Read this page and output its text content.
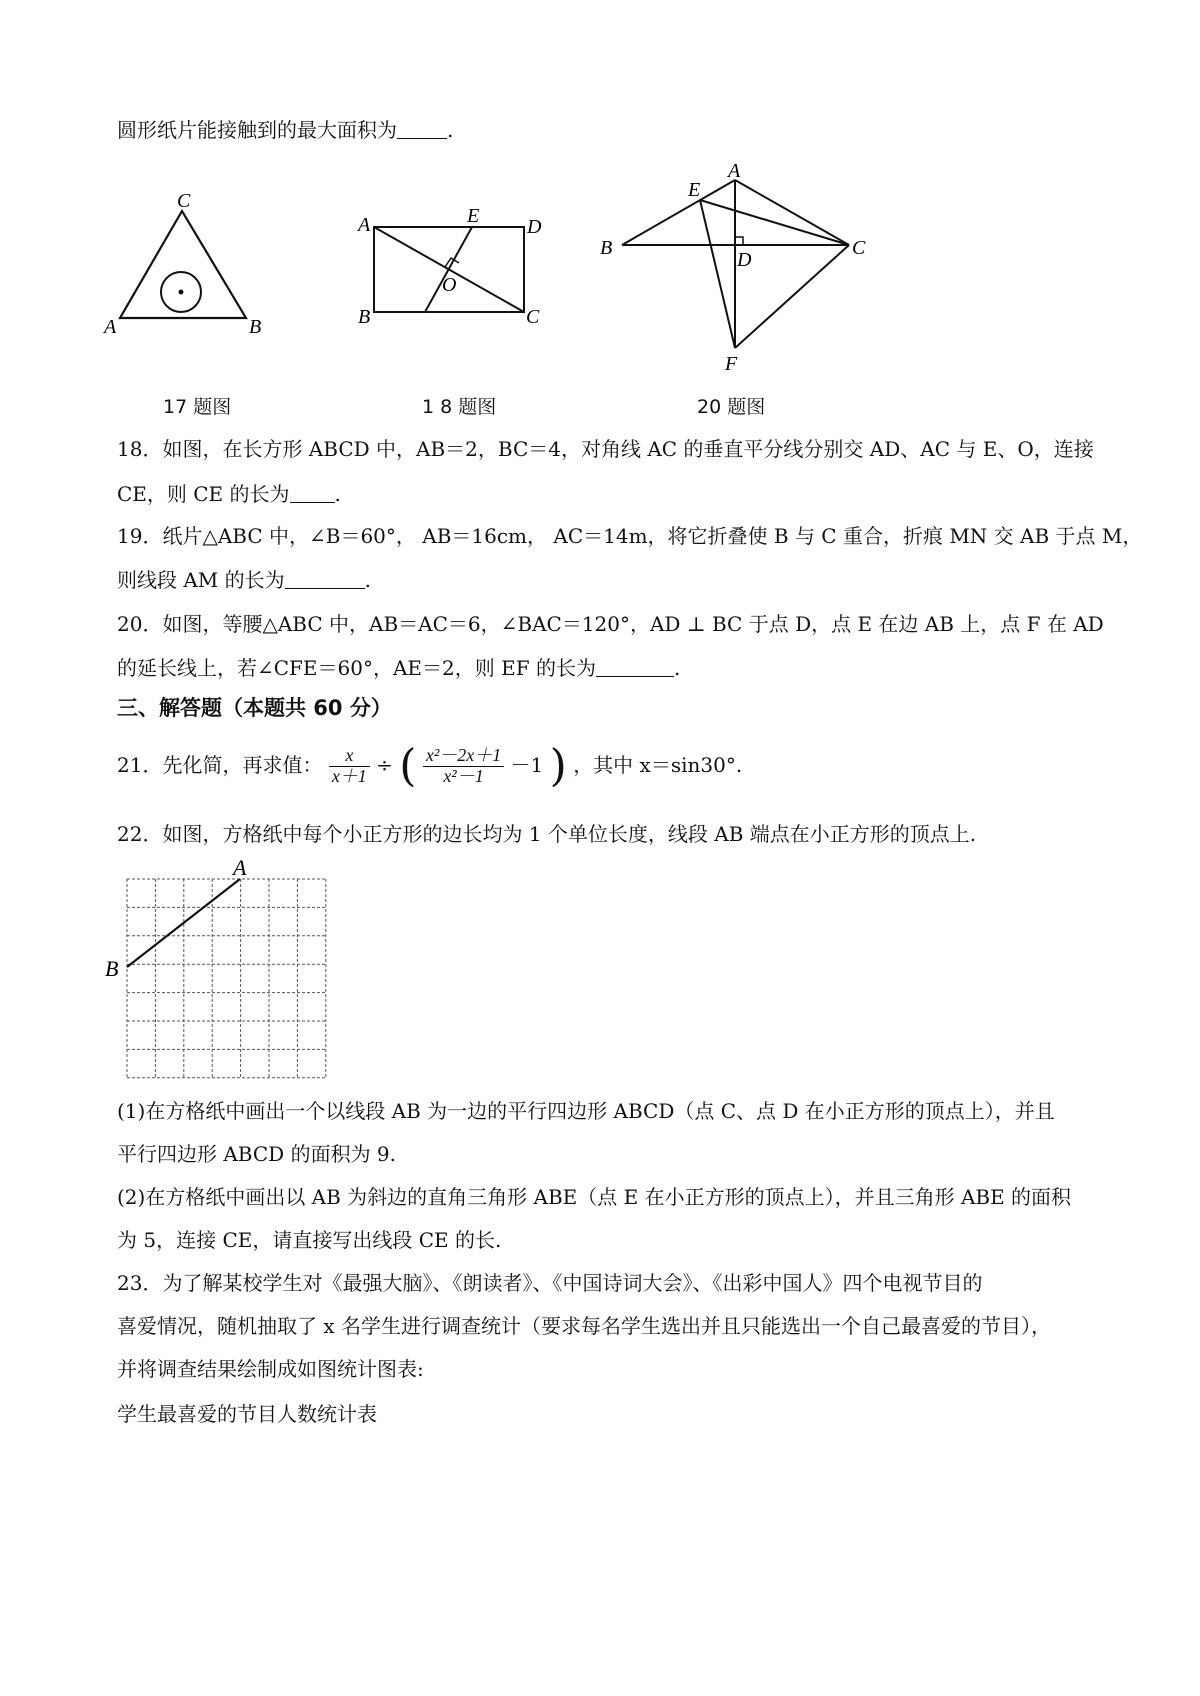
圆形纸片能接触到的最大面积为	.
C
A	B
A	E D
O
B	C
A
E
B
D
C
F
17 题图	1 8 题图	20 题图
18．如图，在长方形 ABCD 中，AB＝2，BC＝4，对角线 AC 的垂直平分线分别交 AD、AC 与 E、O，连接
CE，则 CE 的长为 .
19．纸片△ABC 中，∠B＝60°， AB＝16cm， AC＝14m，将它折叠使 B 与 C 重合，折痕 MN 交 AB 于点 M，
则线段 AM 的长为	.
20．如图，等腰△ABC 中，AB＝AC＝6，∠BAC＝120°，AD ⊥ BC 于点 D，点 E 在边 AB 上，点 F 在 AD
的延长线上，若∠CFE＝60°，AE＝2，则 EF 的长为	.
三、解答题（本题共 60 分）
21．先化简，再求值： $\frac{x}{x+1}$ ÷ ( $\frac{\text{x²－2x＋1}}{\text{x²－1}} -1$ ) ，其中 x＝sin30°.
22．如图，方格纸中每个小正方形的边长均为 1 个单位长度，线段 AB 端点在小正方形的顶点上.
A
B
(1)在方格纸中画出一个以线段 AB 为一边的平行四边形 ABCD（点 C、点 D 在小正方形的顶点上），并且
平行四边形 ABCD 的面积为 9.
(2)在方格纸中画出以 AB 为斜边的直角三角形 ABE（点 E 在小正方形的顶点上），并且三角形 ABE 的面积
为 5，连接 CE，请直接写出线段 CE 的长.
23．为了解某校学生对《最强大脑》、《朗读者》、《中国诗词大会》、《出彩中国人》四个电视节目的
喜爱情况，随机抽取了 x 名学生进行调查统计（要求每名学生选出并且只能选出一个自己最喜爱的节目），
并将调查结果绘制成如图统计图表:
学生最喜爱的节目人数统计表
